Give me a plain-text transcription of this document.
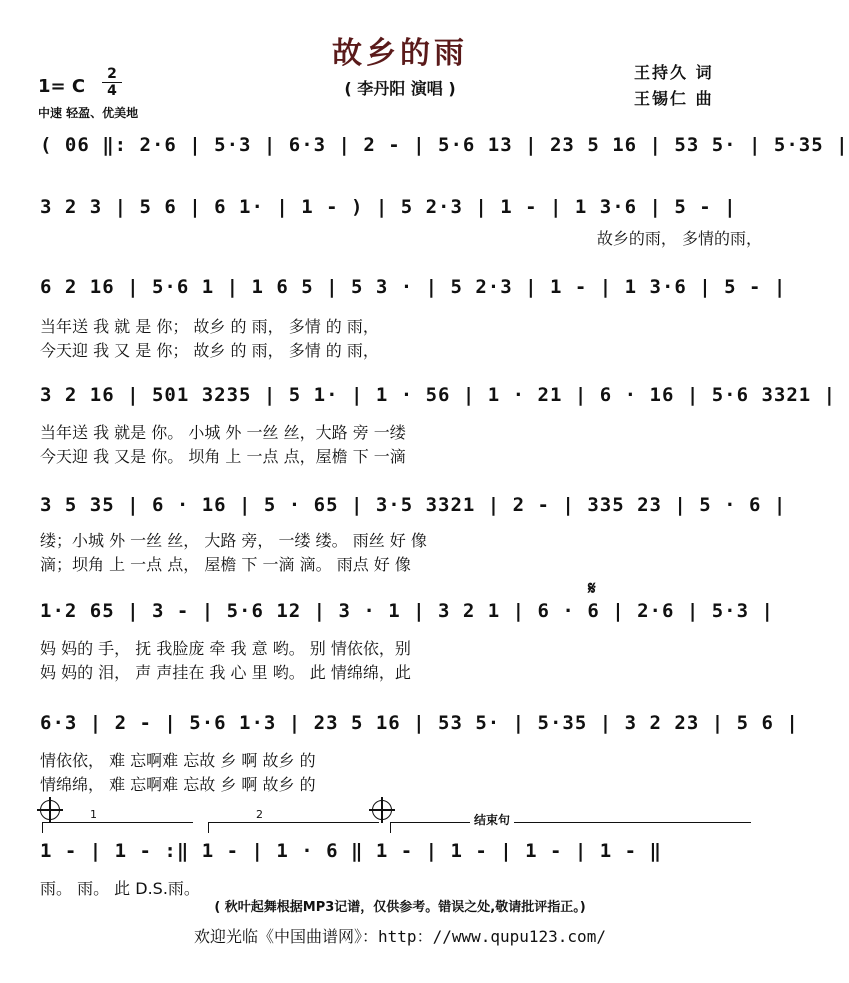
故乡的雨
( 李丹阳 演唱 )
1= C $\frac{2}{4}$
中速 轻盈、优美地
王持久 词
王锡仁 曲
( 06 ‖: 2·6 | 5·3 | 6·3 | 2 - | 5·6 13 | 23 5 16 | 53 5· | 5·35 |
3 2 3 | 5 6 | 6 1· | 1 - ) | 5 2·3 | 1 - | 1 3·6 | 5 - |
故乡的雨， 多情的雨，
6 2 16 | 5·6 1 | 1 6 5 | 5 3 · | 5 2·3 | 1 - | 1 3·6 | 5 - |
当年送 我 就 是 你； 故乡 的 雨， 多情 的 雨，
今天迎 我 又 是 你； 故乡 的 雨， 多情 的 雨，
3 2 16 | 501 3235 | 5 1· | 1 · 56 | 1 · 21 | 6 · 16 | 5·6 3321 |
当年送 我 就是 你。 小城 外 一丝 丝，大路 旁 一缕
今天迎 我 又是 你。 坝角 上 一点 点，屋檐 下 一滴
3 5 35 | 6 · 16 | 5 · 65 | 3·5 3321 | 2 - | 335 23 | 5 · 6 |
缕；小城 外 一丝 丝， 大路 旁， 一缕 缕。 雨丝 好 像
滴；坝角 上 一点 点， 屋檐 下 一滴 滴。 雨点 好 像
𝄋
1·2 65 | 3 - | 5·6 12 | 3 · 1 | 3 2 1 | 6 · 6 | 2·6 | 5·3 |
妈 妈的 手， 抚 我脸庞 牵 我 意 哟。 别 情依依，别
妈 妈的 泪， 声 声挂在 我 心 里 哟。 此 情绵绵，此
6·3 | 2 - | 5·6 1·3 | 23 5 16 | 53 5· | 5·35 | 3 2 23 | 5 6 |
情依依， 难 忘啊难 忘故 乡 啊 故乡 的
情绵绵， 难 忘啊难 忘故 乡 啊 故乡 的
1	2	结束句
1 - | 1 - :‖ 1 - | 1 · 6 ‖ 1 - | 1 - | 1 - | 1 - ‖
雨。 雨。 此 D.S.雨。
( 秋叶起舞根据MP3记谱，仅供参考。错误之处,敬请批评指正。)
欢迎光临《中国曲谱网》：http：//www.qupu123.com/
